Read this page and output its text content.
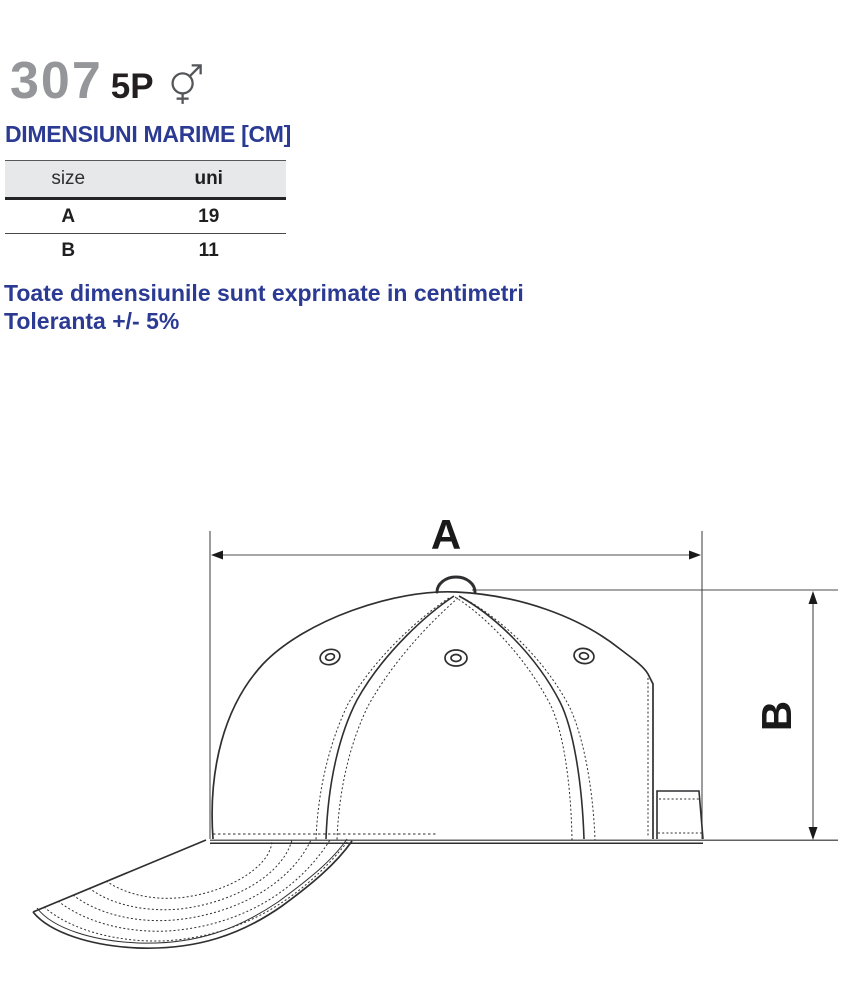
307 5P
DIMENSIUNI MARIME [CM]
size	uni
A	19
B	11
Toate dimensiunile sunt exprimate in centimetri
Toleranta +/- 5%
A
B
